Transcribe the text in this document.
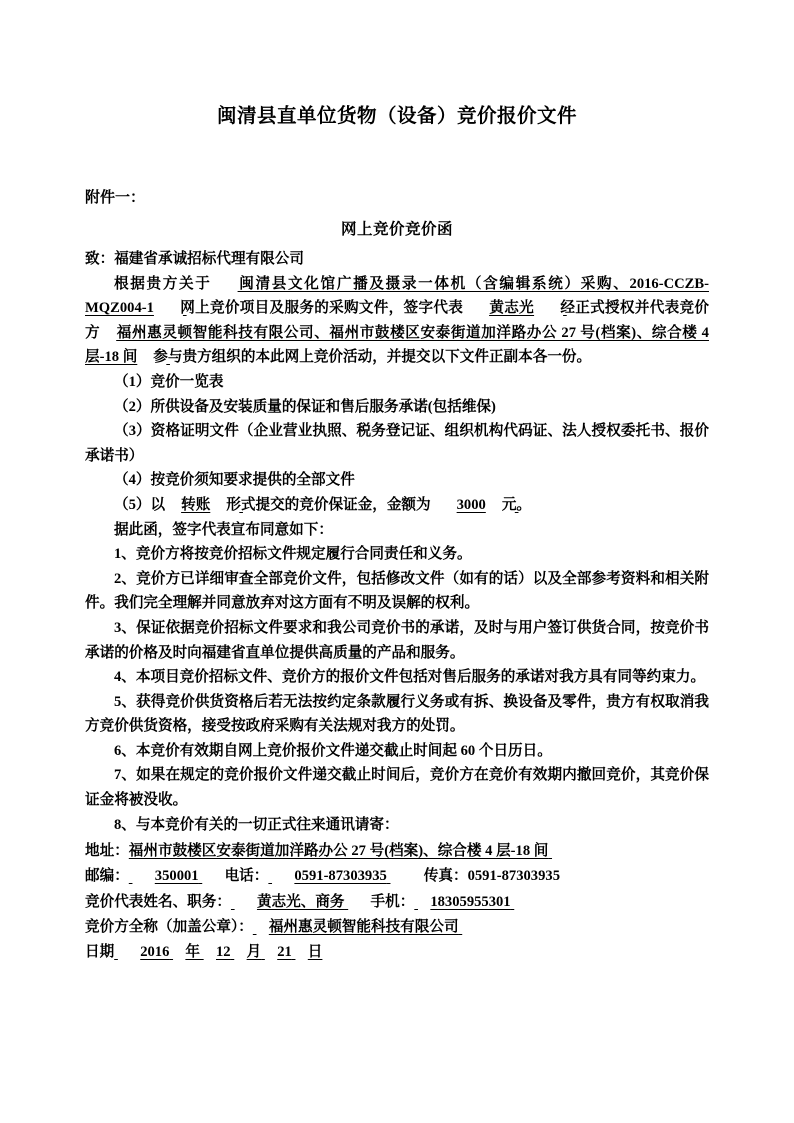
闽清县直单位货物（设备）竞价报价文件
附件一：
网上竞价竞价函

致：福建省承诚招标代理有限公司

根据贵方关于 闽清县文化馆广播及摄录一体机（含编辑系统）采购、2016-CCZB-MQZ004-1 网上竞价项目及服务的采购文件，签字代表 黄志光 经正式授权并代表竞价方 福州惠灵顿智能科技有限公司、福州市鼓楼区安泰街道加洋路办公 27 号(档案)、综合楼 4 层-18 间 参与贵方组织的本此网上竞价活动，并提交以下文件正副本各一份。

（1）竞价一览表

（2）所供设备及安装质量的保证和售后服务承诺(包括维保)

（3）资格证明文件（企业营业执照、税务登记证、组织机构代码证、法人授权委托书、报价承诺书）

（4）按竞价须知要求提供的全部文件

（5）以 转账 形式提交的竞价保证金，金额为 3000 元。

据此函，签字代表宣布同意如下：

1、竞价方将按竞价招标文件规定履行合同责任和义务。

2、竞价方已详细审查全部竞价文件，包括修改文件（如有的话）以及全部参考资料和相关附件。我们完全理解并同意放弃对这方面有不明及误解的权利。

3、保证依据竞价招标文件要求和我公司竞价书的承诺，及时与用户签订供货合同，按竞价书承诺的价格及时向福建省直单位提供高质量的产品和服务。

4、本项目竞价招标文件、竞价方的报价文件包括对售后服务的承诺对我方具有同等约束力。

5、获得竞价供货资格后若无法按约定条款履行义务或有拆、换设备及零件，贵方有权取消我方竞价供货资格，接受按政府采购有关法规对我方的处罚。

6、本竞价有效期自网上竞价报价文件递交截止时间起 60 个日历日。

7、如果在规定的竞价报价文件递交截止时间后，竞价方在竞价有效期内撤回竞价，其竞价保证金将被没收。

8、与本竞价有关的一切正式往来通讯请寄：

地址：福州市鼓楼区安泰街道加洋路办公 27 号(档案)、综合楼 4 层-18 间

邮编： 350001 电话： 0591-87303935	传真：0591-87303935

竞价代表姓名、职务： 黄志光、商务 手机： 18305955301

竞价方全称（加盖公章）： 福州惠灵顿智能科技有限公司

日期 2016 年 12 月 21 日
